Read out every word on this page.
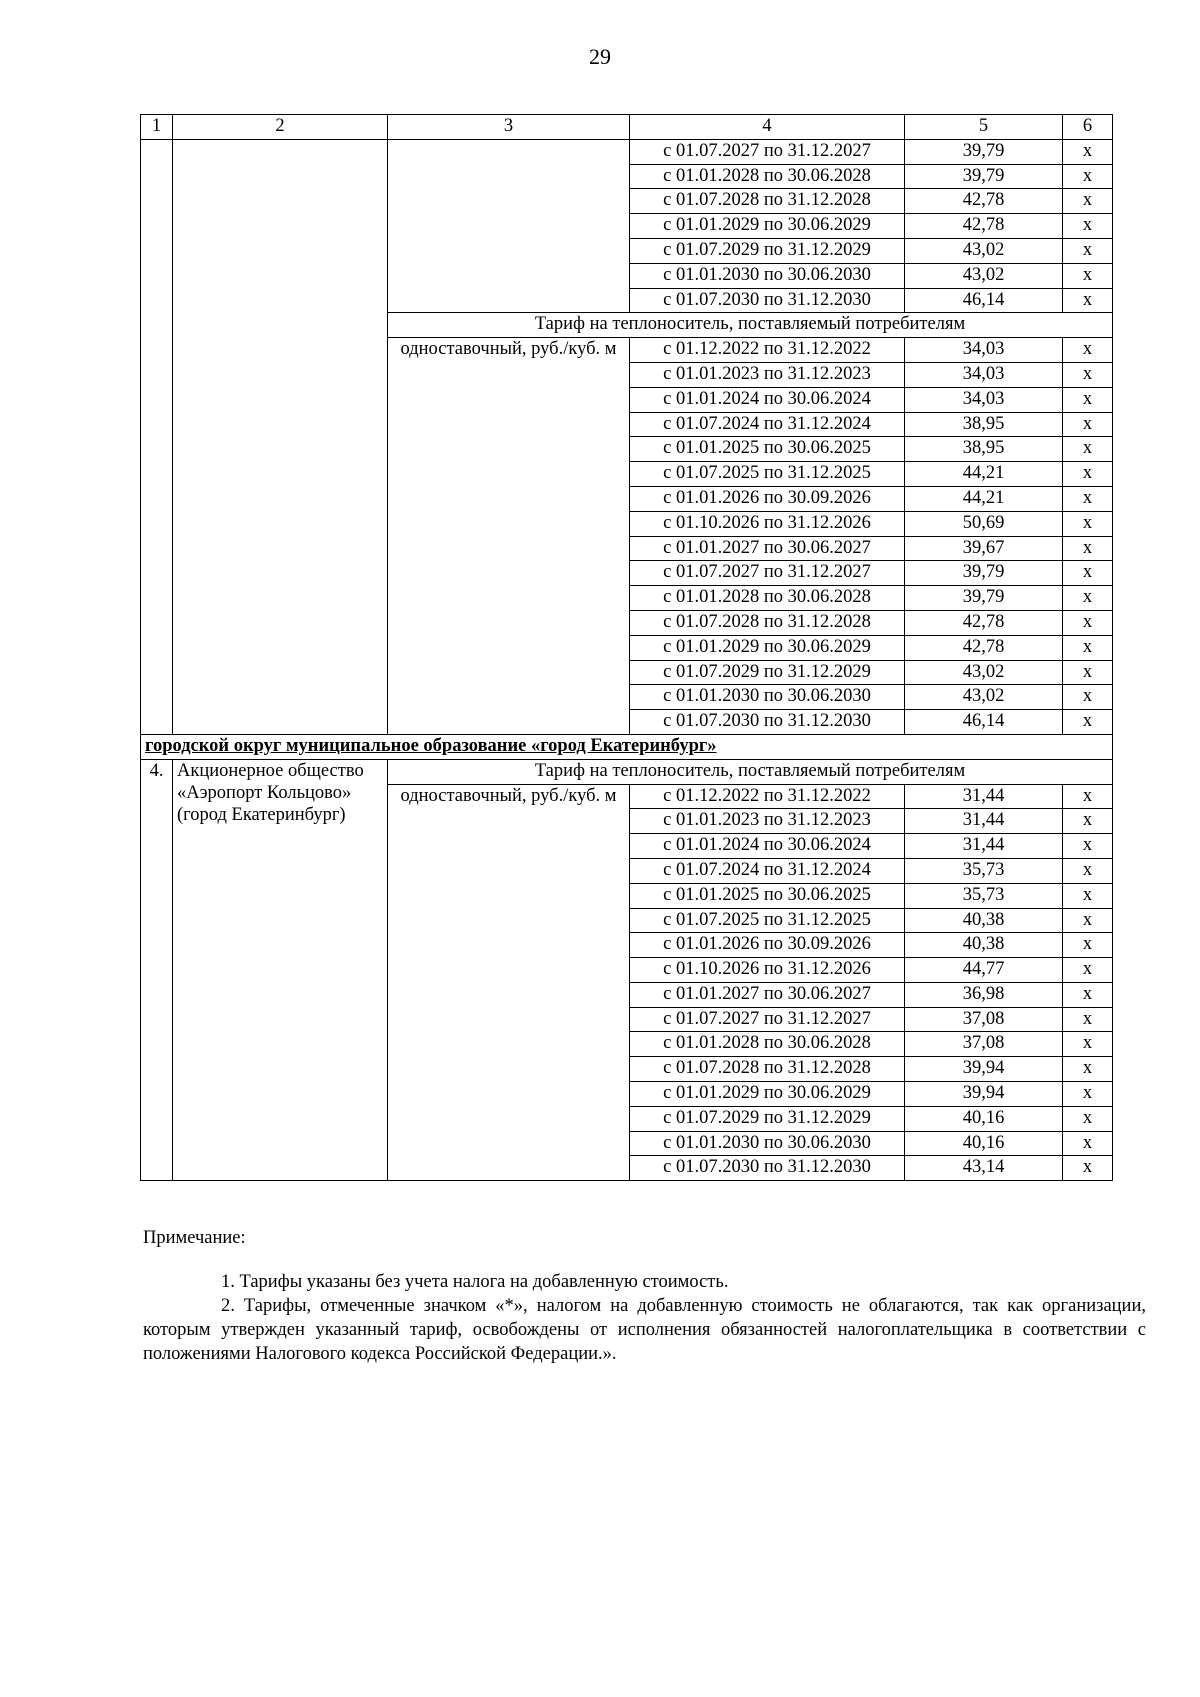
29
1	2	3	4	5	6
			с 01.07.2027 по 31.12.2027	39,79	х
			с 01.01.2028 по 30.06.2028	39,79	х
			с 01.07.2028 по 31.12.2028	42,78	х
			с 01.01.2029 по 30.06.2029	42,78	х
			с 01.07.2029 по 31.12.2029	43,02	х
			с 01.01.2030 по 30.06.2030	43,02	х
			с 01.07.2030 по 31.12.2030	46,14	х
		Тариф на теплоноситель, поставляемый потребителям			
		одноставочный, руб./куб. м	с 01.12.2022 по 31.12.2022	34,03	х
			с 01.01.2023 по 31.12.2023	34,03	х
			с 01.01.2024 по 30.06.2024	34,03	х
			с 01.07.2024 по 31.12.2024	38,95	х
			с 01.01.2025 по 30.06.2025	38,95	х
			с 01.07.2025 по 31.12.2025	44,21	х
			с 01.01.2026 по 30.09.2026	44,21	х
			с 01.10.2026 по 31.12.2026	50,69	х
			с 01.01.2027 по 30.06.2027	39,67	х
			с 01.07.2027 по 31.12.2027	39,79	х
			с 01.01.2028 по 30.06.2028	39,79	х
			с 01.07.2028 по 31.12.2028	42,78	х
			с 01.01.2029 по 30.06.2029	42,78	х
			с 01.07.2029 по 31.12.2029	43,02	х
			с 01.01.2030 по 30.06.2030	43,02	х
			с 01.07.2030 по 31.12.2030	46,14	х
городской округ муниципальное образование «город Екатеринбург»					
4.	Акционерное общество «Аэропорт Кольцово» (город Екатеринбург)	Тариф на теплоноситель, поставляемый потребителям			
		одноставочный, руб./куб. м	с 01.12.2022 по 31.12.2022	31,44	х
			с 01.01.2023 по 31.12.2023	31,44	х
			с 01.01.2024 по 30.06.2024	31,44	х
			с 01.07.2024 по 31.12.2024	35,73	х
			с 01.01.2025 по 30.06.2025	35,73	х
			с 01.07.2025 по 31.12.2025	40,38	х
			с 01.01.2026 по 30.09.2026	40,38	х
			с 01.10.2026 по 31.12.2026	44,77	х
			с 01.01.2027 по 30.06.2027	36,98	х
			с 01.07.2027 по 31.12.2027	37,08	х
			с 01.01.2028 по 30.06.2028	37,08	х
			с 01.07.2028 по 31.12.2028	39,94	х
			с 01.01.2029 по 30.06.2029	39,94	х
			с 01.07.2029 по 31.12.2029	40,16	х
			с 01.01.2030 по 30.06.2030	40,16	х
			с 01.07.2030 по 31.12.2030	43,14	х

Примечание:

1. Тарифы указаны без учета налога на добавленную стоимость.

2. Тарифы, отмеченные значком «*», налогом на добавленную стоимость не облагаются, так как организации, которым утвержден указанный тариф, освобождены от исполнения обязанностей налогоплательщика в соответствии с положениями Налогового кодекса Российской Федерации.».
